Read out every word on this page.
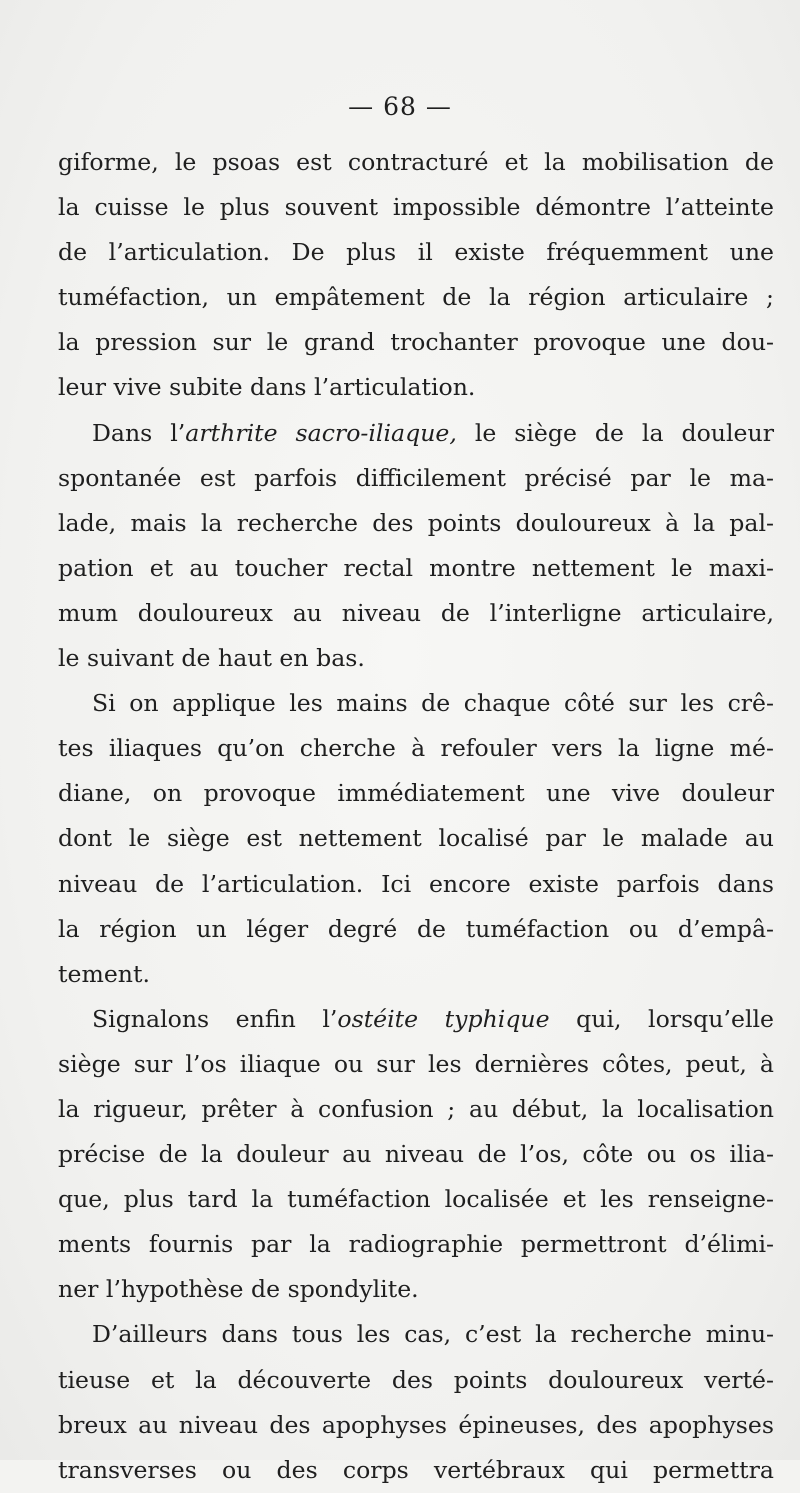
— 68 —
giforme, le psoas est contracturé et la mobilisation de
la cuisse le plus souvent impossible démontre l’atteinte
de l’articulation. De plus il existe fréquemment une
tuméfaction, un empâtement de la région articulaire ;
la pression sur le grand trochanter provoque une dou-
leur vive subite dans l’articulation.
Dans l’arthrite sacro-iliaque, le siège de la douleur
spontanée est parfois difficilement précisé par le ma-
lade, mais la recherche des points douloureux à la pal-
pation et au toucher rectal montre nettement le maxi-
mum douloureux au niveau de l’interligne articulaire,
le suivant de haut en bas.
Si on applique les mains de chaque côté sur les crê-
tes iliaques qu’on cherche à refouler vers la ligne mé-
diane, on provoque immédiatement une vive douleur
dont le siège est nettement localisé par le malade au
niveau de l’articulation. Ici encore existe parfois dans
la région un léger degré de tuméfaction ou d’empâ-
tement.
Signalons enfin l’ostéite typhique qui, lorsqu’elle
siège sur l’os iliaque ou sur les dernières côtes, peut, à
la rigueur, prêter à confusion ; au début, la localisation
précise de la douleur au niveau de l’os, côte ou os ilia-
que, plus tard la tuméfaction localisée et les renseigne-
ments fournis par la radiographie permettront d’élimi-
ner l’hypothèse de spondylite.
D’ailleurs dans tous les cas, c’est la recherche minu-
tieuse et la découverte des points douloureux verté-
breux au niveau des apophyses épineuses, des apophyses
transverses ou des corps vertébraux qui permettra
